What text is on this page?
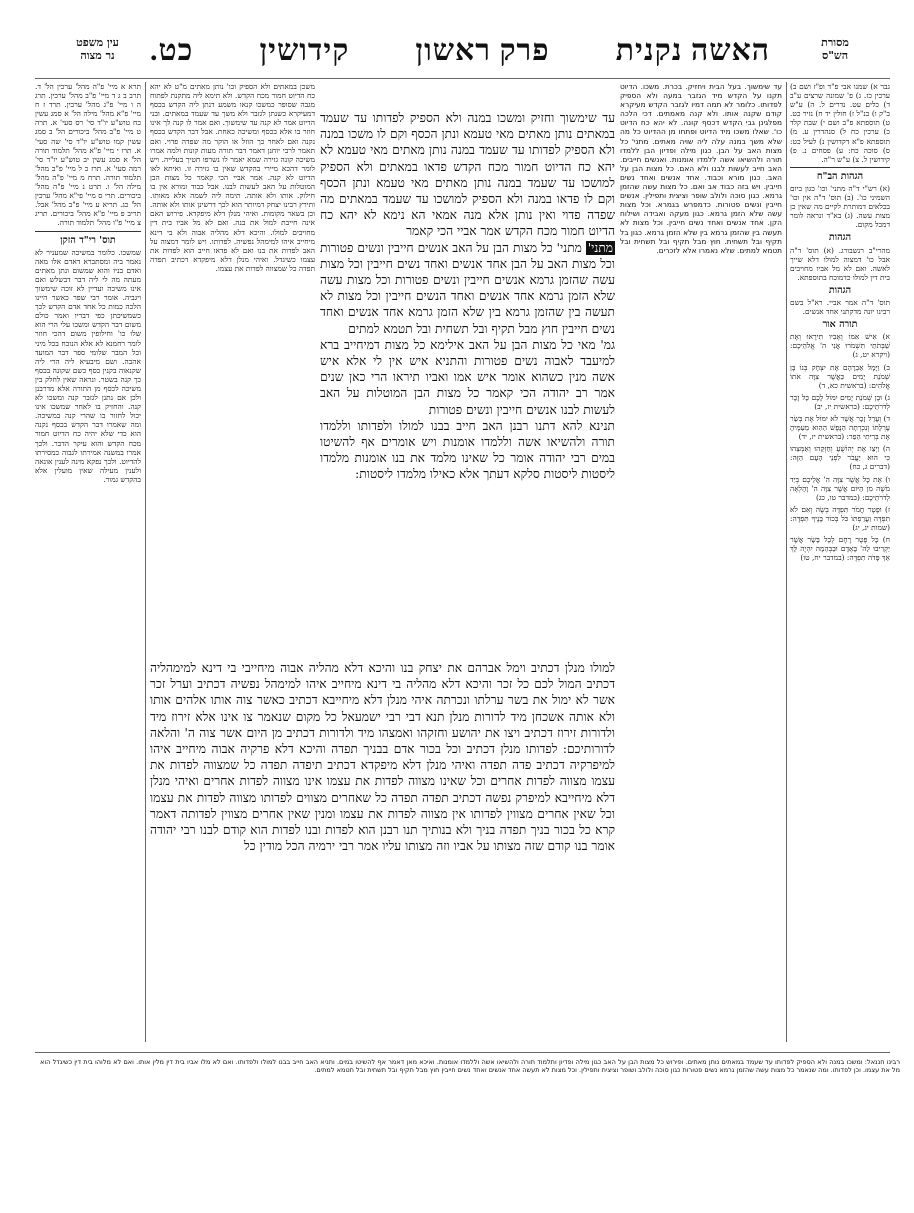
האשה נקנית
פרק ראשון
קידושין
כט.
עין משפט
נר מצוה
מסורת
הש"ס

גבר א) שמנו אבי פ"ד ופ"ז ושם ב) ערכין כז. ג) פ' שמונה שרצים ע"ב ד) כלים עט. נדרים ל. ה) ע"ש ב"ק ו) כנ"ל ז) חולין יד ח) נזיר כט. ט) תוספתא פ"ב ושם י) שבת קלד כ) ערכין כח ל) סנהדרין ע. מ) תוספתא פ"א דקדושין נ) לעיל כט: ס) סוכה כח: ע) פסחים נ. פ) קידושין ל. צ) ע"ש ר"ה.

הגהות הב"ח

(א) רש"י ד"ה מתני' וכו' כגון ביום השמיני כו'. (ב) תוס' ד"ה אין וכו' בכלאים דמותרת לקיים מה שאין כן מצות עשה. (ג) בא"ד ונראה לומר דמכל מקום.

הגהות

מהרי"ב רנשבורג. (א) תוס' ד"ה אבל כו' דמצוה למולו דלא שייך לאשה. ואם לא מל אביו מחויבים בית דין למולו כדמוכח בתוספתא.

הגהות

תוס' ד"ה אמר אביי. רא"ל בשם רבינו יונה מדקתני אחד אנשים.

תורה אור

א) אִישׁ אִמּוֹ וְאָבִיו תִּירָאוּ וְאֶת שַׁבְּתֹתַי תִּשְׁמֹרוּ אֲנִי ה' אֱלֹהֵיכֶם: (ויקרא יט, ג)

ב) וַיָּמָל אַבְרָהָם אֶת יִצְחָק בְּנוֹ בֶּן שְׁמֹנַת יָמִים כַּאֲשֶׁר צִוָּה אֹתוֹ אֱלֹהִים: (בראשית כא, ד)

ג) וּבֶן שְׁמֹנַת יָמִים יִמּוֹל לָכֶם כָּל זָכָר לְדֹרֹתֵיכֶם: (בראשית יז, יב)

ד) וְעָרֵל זָכָר אֲשֶׁר לֹא יִמּוֹל אֶת בְּשַׂר עָרְלָתוֹ וְנִכְרְתָה הַנֶּפֶשׁ הַהִוא מֵעַמֶּיהָ אֶת בְּרִיתִי הֵפַר: (בראשית יז, יד)

ה) וַיְצַו אֶת יְהוֹשֻׁעַ וְחַזְּקֵהוּ וְאַמְּצֵהוּ כִּי הוּא יַעֲבֹר לִפְנֵי הָעָם הַזֶּה: (דברים ג, כח)

ו) אֶת כָּל אֲשֶׁר צִוָּה ה' אֲלֵיכֶם בְּיַד מֹשֶׁה מִן הַיּוֹם אֲשֶׁר צִוָּה ה' וָהָלְאָה לְדֹרֹתֵיכֶם: (במדבר טו, כג)

ז) וּפֶטֶר חֲמֹר תִּפְדֶּה בְשֶׂה וְאִם לֹא תִפְדֶּה וַעֲרַפְתּוֹ כֹּל בְּכוֹר בָּנֶיךָ תִּפְדֶּה: (שמות יג, יג)

ח) כָּל פֶּטֶר רֶחֶם לְכָל בָּשָׂר אֲשֶׁר יַקְרִיבוּ לַה' בָּאָדָם וּבַבְּהֵמָה יִהְיֶה לָּךְ אַךְ פָּדֹה תִפְדֶּה: (במדבר יח, טו)

עד שימשוך. בעל הבית ויחזיק. בכרת. משכו. הדיוט תקנו על הקדש מיד הגזבר במעה ולא הספיק לפדותו. כלומר לא תמה דמיו לגזבר הקדש מעיקרא קודם שקנה אותו. ולא קנה מאמתים. דכי הלכה מפלגינן גבי הקדש דכסף קונה. לא יהא כח הדיוט כו'. שאלו משכו מיד הדיוט ופתחו מן ההדיוט כל מה שלא משך במנה עלה ליה שויה מאתים. מתני' כל מצות האב על הבן. כגון מילה ופדיון הבן ללמדו תורה ולהשיאו אשה ללמדו אומנות. ואנשים חייבים. האב חייב לעשות לבנו ולא האם. כל מצות הבן על האב. כגון מורא וכבוד. אחד אנשים ואחד נשים חייבין. ויש בזה כבוד אב ואם. כל מצות עשה שהזמן גרמא. כגון סוכה ולולב שופר וציצית ותפילין. אנשים חייבין ונשים פטורות. כדמפרש בגמרא. וכל מצות עשה שלא הזמן גרמא. כגון מעקה ואבידה ושילוח הקן. אחד אנשים ואחד נשים חייבין. וכל מצות לא תעשה בין שהזמן גרמא בין שלא הזמן גרמא. כגון בל תקיף ובל תשחית. חוץ מבל תקיף ובל תשחית ובל תטמא למתים. שלא נאמרו אלא לזכרים.

עד שימשוך וחזיק ומשכו במנה ולא הספיק לפדותו עד שעמד במאתים נותן מאתים מאי טעמא ונתן הכסף וקם לו משכו במנה ולא הספיק לפדותו עד שעמד במנה נותן מאתים מאי טעמא לא יהא כח הדיוט חמור מכח הקדש פדאו במאתים ולא הספיק למושכו עד שעמד במנה נותן מאתים מאי טעמא ונתן הכסף וקם לו פדאו במנה ולא הספיק למושכו עד שעמד במאתים מה שפדה פדוי ואין נותן אלא מנה אמאי הא נימא לא יהא כח הדיוט חמור מכח הקדש אמר אביי הכי קאמר

מתני' מתני' כל מצות הבן על האב אנשים חייבין ונשים פטורות וכל מצות האב על הבן אחד אנשים ואחד נשים חייבין וכל מצות עשה שהזמן גרמא אנשים חייבין ונשים פטורות וכל מצות עשה שלא הזמן גרמא אחד אנשים ואחד הנשים חייבין וכל מצות לא תעשה בין שהזמן גרמא בין שלא הזמן גרמא אחד אנשים ואחד נשים חייבין חוץ מבל תקיף ובל תשחית ובל תטמא למתים

גמ' מאי כל מצות הבן על האב אילימא כל מצות דמיחייב ברא למיעבד לאבוה נשים פטורות והתניא איש אין לי אלא איש אשה מנין כשהוא אומר איש אמו ואביו תיראו הרי כאן שנים אמר רב יהודה הכי קאמר כל מצות הבן המוטלות על האב לעשות לבנו אנשים חייבין ונשים פטורות

תנינא להא דתנו רבנן האב חייב בבנו למולו ולפדותו וללמדו תורה ולהשיאו אשה וללמדו אומנות ויש אומרים אף להשיטו במים רבי יהודה אומר כל שאינו מלמד את בנו אומנות מלמדו ליסטות ליסטות סלקא דעתך אלא כאילו מלמדו ליסטות:

למולו מנלן דכתיב וימל אברהם את יצחק בנו והיכא דלא מהליה אבוה מיחייבי בי דינא למימהליה דכתיב המול לכם כל זכר והיכא דלא מהליה בי דינא מיחייב איהו למימהל נפשיה דכתיב וערל זכר אשר לא ימול את בשר ערלתו ונכרתה איהי מנלן דלא מיחייבא דכתיב כאשר צוה אותו אלהים אותו ולא אותה אשכחן מיד לדורות מנלן תנא דבי רבי ישמעאל כל מקום שנאמר צו אינו אלא זירוז מיד ולדורות זירוז דכתיב ויצו את יהושע וחזקהו ואמצהו מיד ולדורות דכתיב מן היום אשר צוה ה' והלאה לדורותיכם: לפדותו מנלן דכתיב וכל בכור אדם בבניך תפדה והיכא דלא פרקיה אבוה מיחייב איהו למיפרקיה דכתיב פדה תפדה ואיהי מנלן דלא מיפקדא דכתיב תיפדה תפדה כל שמצווה לפדות את עצמו מצווה לפדות אחרים וכל שאינו מצווה לפדות את עצמו אינו מצווה לפדות אחרים ואיהי מנלן דלא מיחייבא למיפרק נפשה דכתיב תפדה תפדה כל שאחרים מצווים לפדותו מצווה לפדות את עצמו וכל שאין אחרים מצווין לפדותו אין מצווה לפדות את עצמו ומנין שאין אחרים מצווין לפדותה דאמר קרא כל בכור בניך תפדה בניך ולא בנותיך תנו רבנן הוא לפדות ובנו לפדות הוא קודם לבנו רבי יהודה אומר בנו קודם שזה מצותו על אביו וזה מצותו עליו אמר רבי ירמיה הכל מודין כל

משכן במאתים ולא הספיק וכו' נותן מאתים מ"ט לא יהא כח הדיוט חמור מכח הקדש. ולא תימא ליה מתקנת לפתוח מגבה שסופר כמשכו קנאו משמע דנתן ליה הקדש בכסף דמעיקרא כשנתן לגזבר ולא משך עד שעמד במאתים. ובני הדיוט אמר לא קנה עד שימשוך. ואם אמר לו קנה לך אינו חוזר בו אלא בכסף ומשיכה כאחת. אבל דבר הקדש בכסף נקנה ואם לאחר כך הוזל או הוקר מה שפדה פדוי. ואם תאמר לרבי יוחנן דאמר דבר תורה מעות קונות ולמה אמרו משיכה קונה גזירה שמא יאמר לו נשרפו חטיך בעלייה. ויש לומר דהכא מיירי בהקדש שאין בו גזירה זו. ואיתא לאו הדיוט לא קנה. אמר אביי הכי קאמר כל מצות הבן המוטלות על האב לעשות לבנו. אבל כבוד ומורא אין בו חילוק. אותו ולא אותה. תימה ליה לשמה אלא מאותו. ותירץ רבינו יצחק דמיותר הוא לכך דרשינן אותו ולא אותה. וכן בשאר מקומות. ואיהי מנלן דלא מיפקדא. פירוש האם אינה חייבת למול את בנה. ואם לא מל אביו בית דין מחויבים למולו. והיכא דלא מהליה אבוה ולא בי דינא מיחייב איהו למימהל נפשיה. לפדותו. ויש לומר דמצוה על האב לפדות את בנו ואם לא פדאו חייב הוא לפדות את עצמו כשיגדל. ואיהי מנלן דלא מיפקדא דכתיב תפדה תפדה כל שמצווה לפדות את עצמו.

תרא א מיי' פ"ה מהל' ערכין הל' ד. תרב ב ג ד מיי' פ"ב מהל' ערכין. תרג ה ו מיי' פ"ג מהל' ערכין. תרד ז ח מיי' פ"א מהל' מילה הל' א סמג עשין כח טוש"ע יו"ד סי' רס סעי' א. תרה ט מיי' פ"ב מהל' ביכורים הל' ב סמג עשין קמו טוש"ע יו"ד סי' שה סעי' א. תרו י מיי' פ"א מהל' תלמוד תורה הל' א סמג עשין יב טוש"ע יו"ד סי' רמה סעי' א. תרז כ ל מיי' פ"ב מהל' תלמוד תורה. תרח מ מיי' פ"ה מהל' מילה הל' ו. תרט נ מיי' פ"ה מהל' ביכורים. תרי ס מיי' פי"א מהל' ערכין הל' כג. תריא ע מיי' פ"ב מהל' אבל. תריב פ מיי' פ"א מהל' ביכורים. תריג צ מיי' פ"ו מהל' תלמוד תורה.

תוס' רי"ד הזקן

שמשכו. כלומר במשיכה שמעניר לא נאמר ביה ומסתברא דאדם אלו מאה ואדם בניו והוא שמשום ונתן מאתים מעתה מה לי ליה דבר דבשלש ואם אינו משיכה ועדיין לא זוכה שימשוך ויגביה. אומר רבי שפר כאשר היינו הלכה כמות כל אחד אדם הקדש לכך כשמשיכתן כפי דבריו ואמר כולם משום דבר הקדש ומשכו עלי הרי הוא שלו כו' וחילופין משום דהכי חוזר לומר רחמנא לא אלא הנוכח בכל מיני וכל המבר שלומי ספר דבר המועד אהבה. ושם מיבעיא ליה הרי ליה שקנאוה בקנין כסף כשם שקונה בכסף כך קנה בשטר. ונראה שאין לחלק בין משיכה לכסף מן התורה אלא מדרבנן ולכן אם נתנן לגזבר קנה ומשכו לא קנה. והחזיק בו לאחר שמשכו אינו יכול לחזור בו שהרי קנה במשיכה. ומה שאמרו דבר הקדש בכסף נקנה הוא כדי שלא יהיה כח הדיוט חמור מכח הקדש והוא עיקר הדבר. ולכך אמרו במשנה אמירתו לגבוה כמסירתו להדיוט. ולכך נפקא מינה לענין אונאה ולענין מעילה שאין מועלין אלא בהקדש גמור.

רבינו חננאל: ומשכו במנה ולא הספיק לפדותו עד שעמד במאתים נותן מאתים. ופירוש כל מצות הבן על האב כגון מילה ופדיון ותלמוד תורה ולהשיאו אשה וללמדו אומנות. ואיכא מאן דאמר אף להשיטו במים. ותניא האב חייב בבנו למולו ולפדותו. ואם לא מלו אביו בית דין מלין אותו. ואם לא מלוהו בית דין כשיגדל הוא מל את עצמו. וכן לפדותו. ומה שנאמר כל מצות עשה שהזמן גרמא נשים פטורות כגון סוכה ולולב ושופר וציצית ותפילין. וכל מצות לא תעשה אחד אנשים ואחד נשים חייבין חוץ מבל תקיף ובל תשחית ובל תטמא למתים.
